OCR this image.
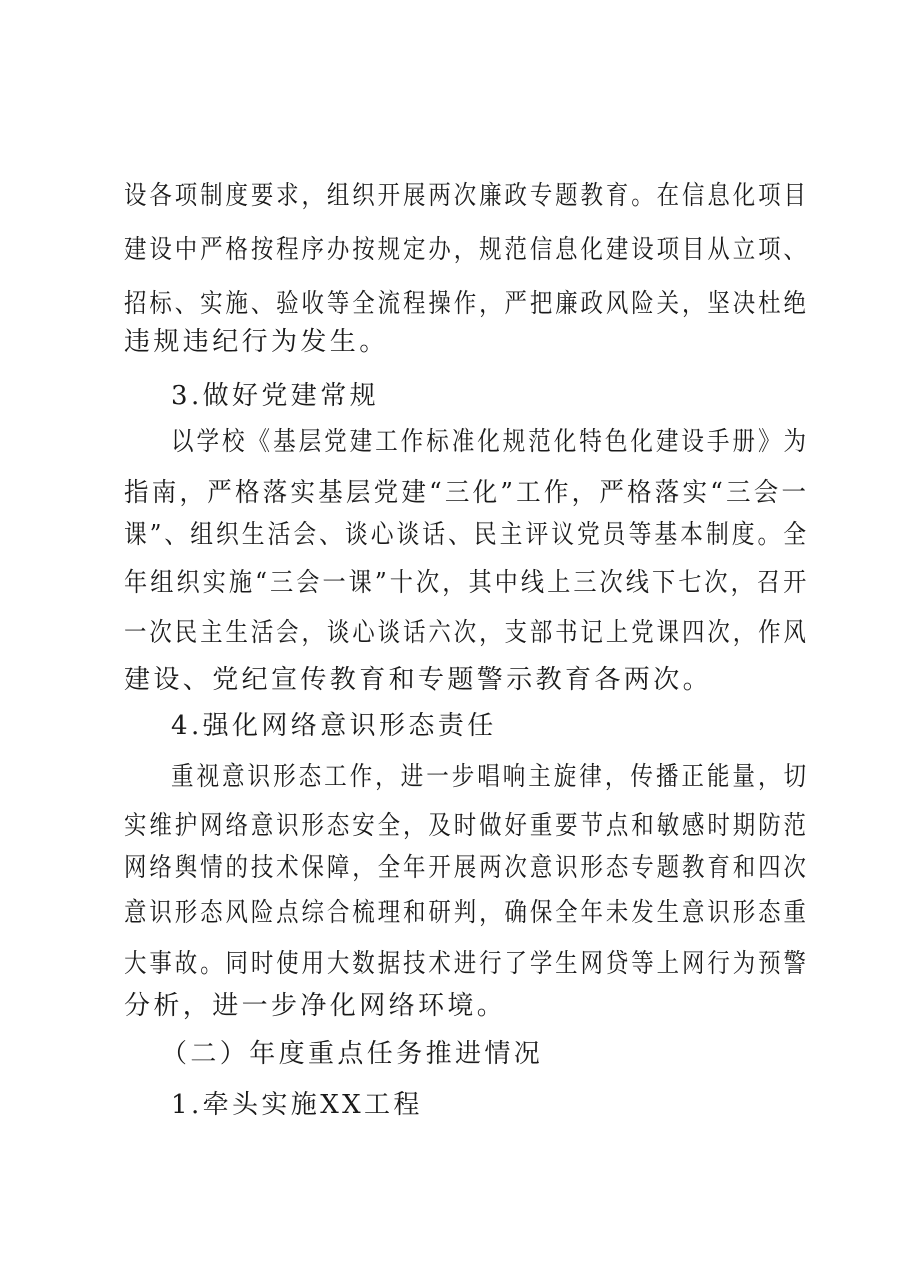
设各项制度要求，组织开展两次廉政专题教育。在信息化项目
建设中严格按程序办按规定办，规范信息化建设项目从立项、
招标、实施、验收等全流程操作，严把廉政风险关，坚决杜绝
违规违纪行为发生。
3.做好党建常规
以学校《基层党建工作标准化规范化特色化建设手册》为
指南，严格落实基层党建“三化”工作，严格落实“三会一
课”、组织生活会、谈心谈话、民主评议党员等基本制度。全
年组织实施“三会一课”十次，其中线上三次线下七次，召开
一次民主生活会，谈心谈话六次，支部书记上党课四次，作风
建设、党纪宣传教育和专题警示教育各两次。
4.强化网络意识形态责任
重视意识形态工作，进一步唱响主旋律，传播正能量，切
实维护网络意识形态安全，及时做好重要节点和敏感时期防范
网络舆情的技术保障，全年开展两次意识形态专题教育和四次
意识形态风险点综合梳理和研判，确保全年未发生意识形态重
大事故。同时使用大数据技术进行了学生网贷等上网行为预警
分析，进一步净化网络环境。
（二）年度重点任务推进情况
1.牵头实施XX工程
